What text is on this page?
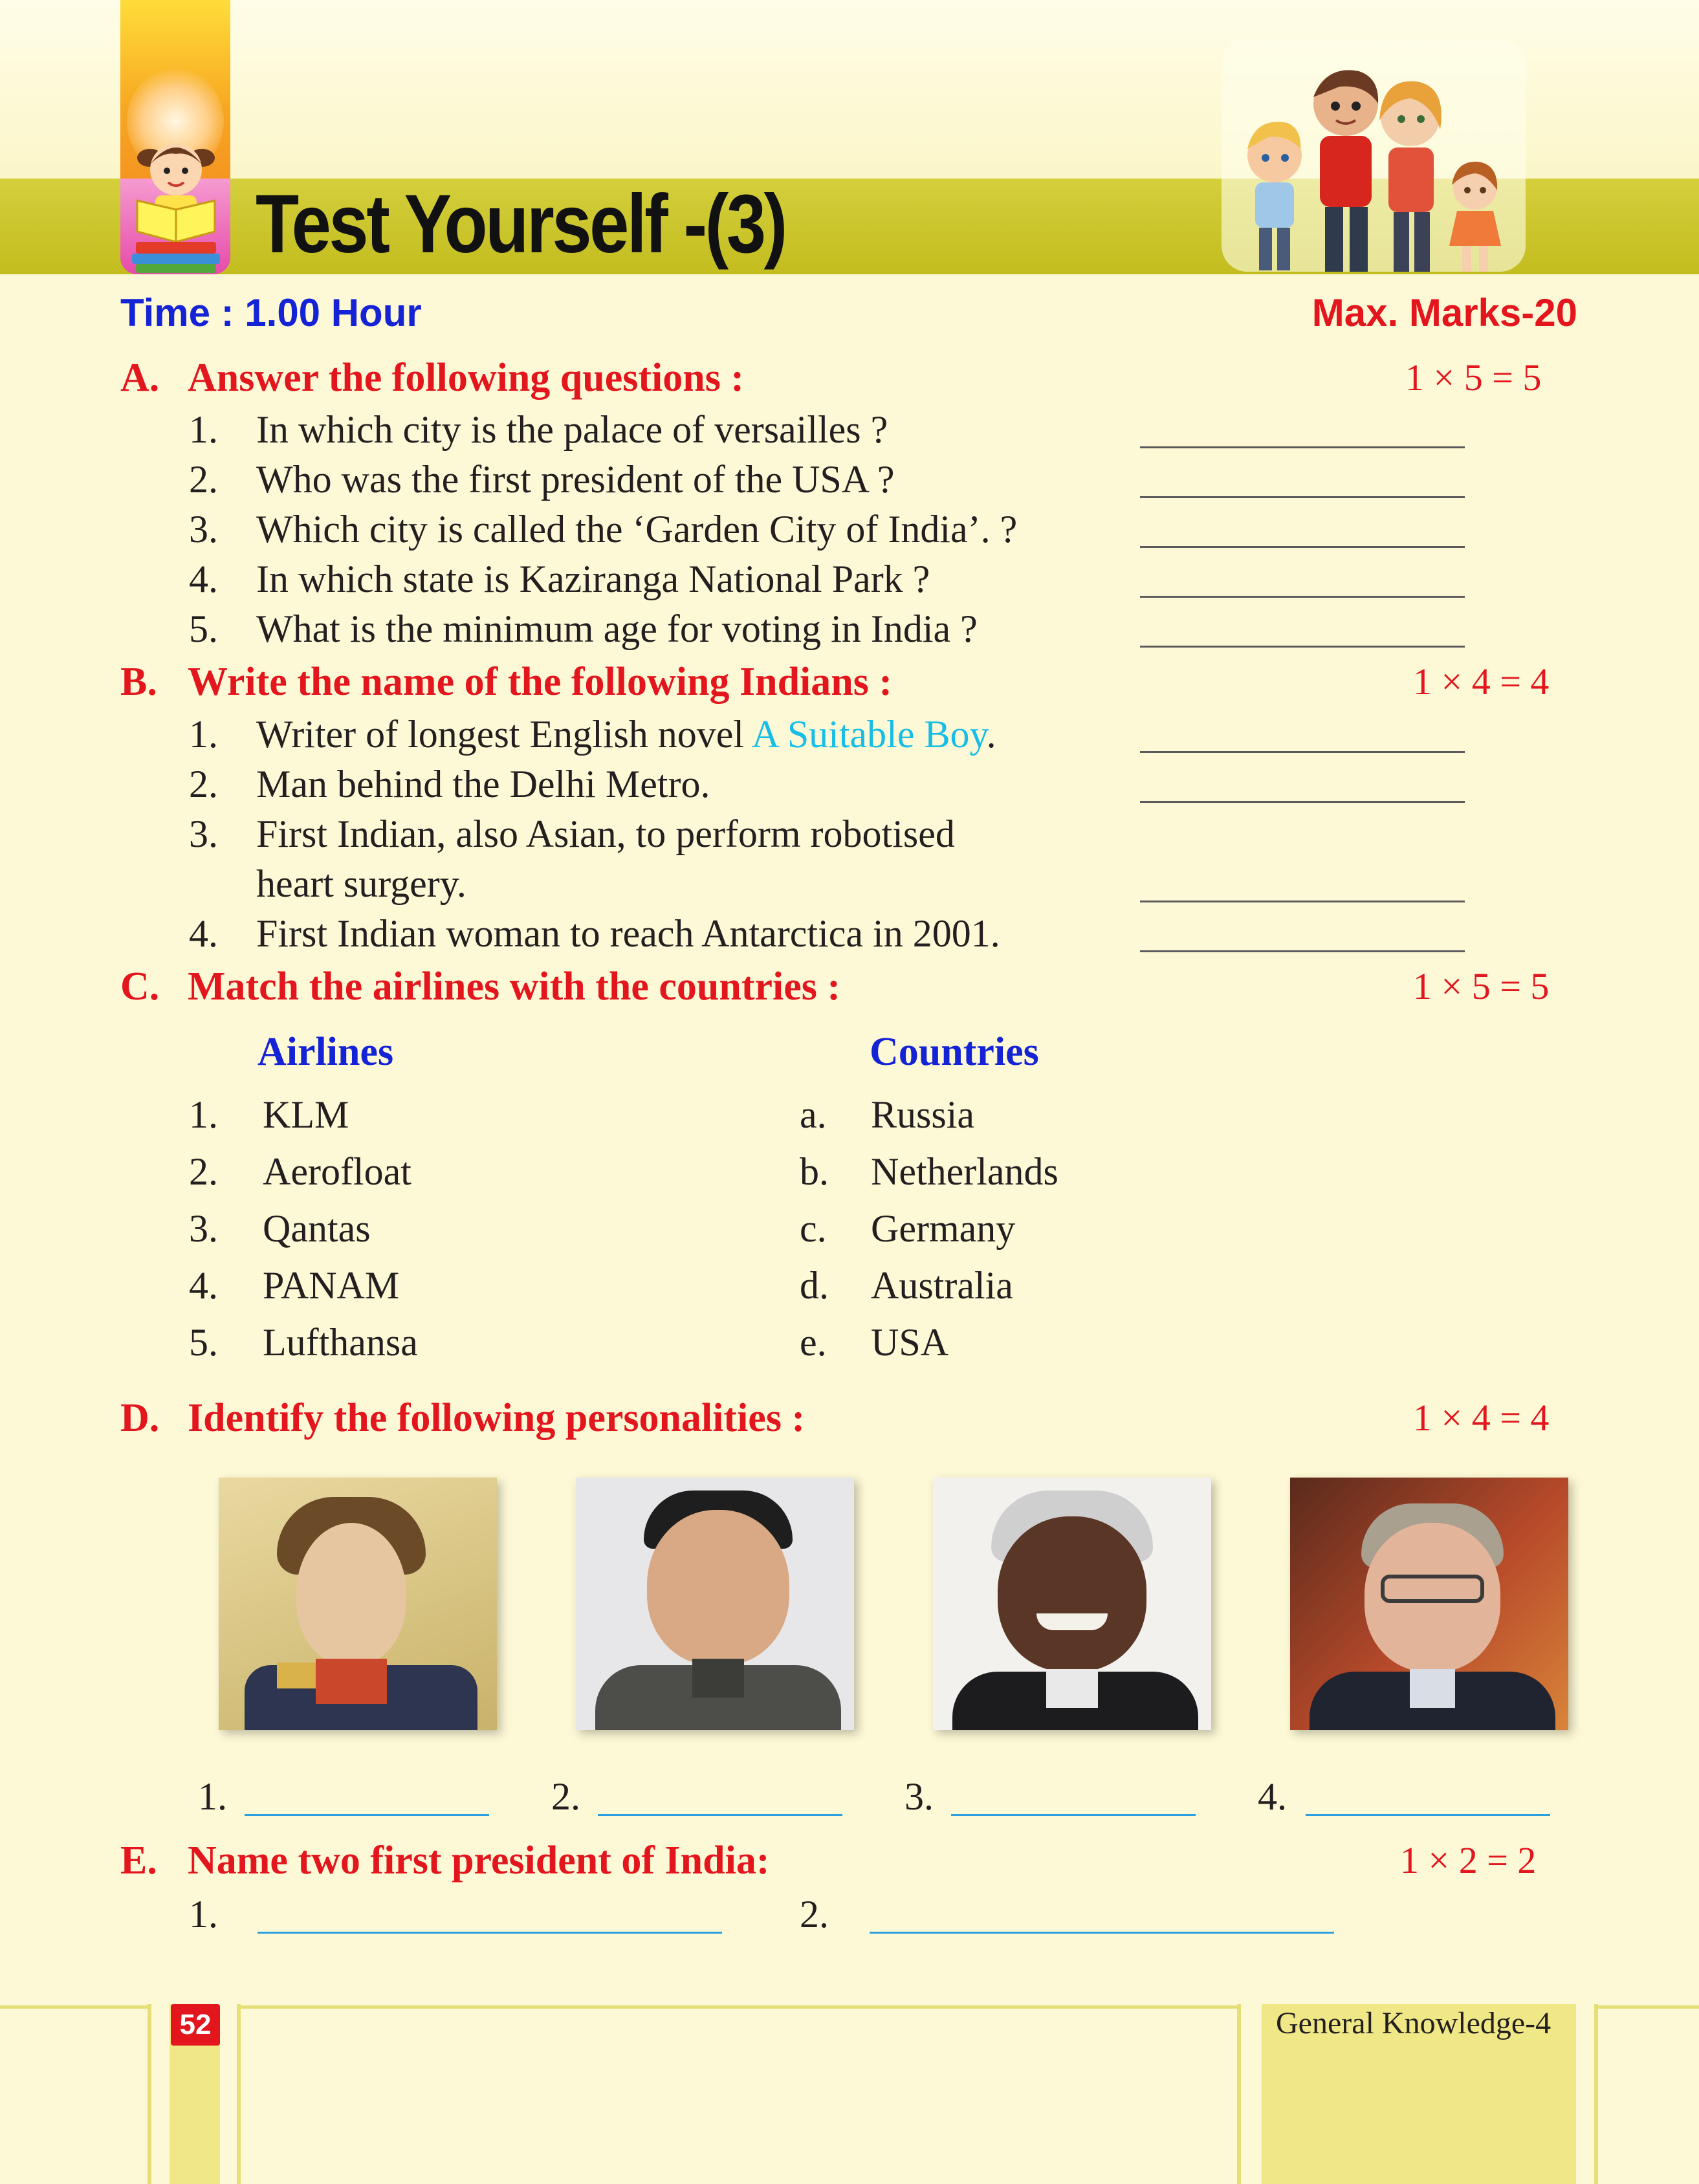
Test Yourself -(3)
Time : 1.00 Hour	Max. Marks-20
A. Answer the following questions :	1 × 5 = 5
1. In which city is the palace of versailles ?
2. Who was the first president of the USA ?
3. Which city is called the ‘Garden City of India’. ?
4. In which state is Kaziranga National Park ?
5. What is the minimum age for voting in India ?
B. Write the name of the following Indians :	1 × 4 = 4
1. Writer of longest English novel A Suitable Boy.
2. Man behind the Delhi Metro.
3. First Indian, also Asian, to perform robotised
heart surgery.
4. First Indian woman to reach Antarctica in 2001.
C. Match the airlines with the countries :	1 × 5 = 5
Airlines	Countries
1. KLM	a. Russia
2. Aerofloat	b. Netherlands
3. Qantas	c. Germany
4. PANAM	d. Australia
5. Lufthansa	e. USA
D. Identify the following personalities :	1 × 4 = 4
1.	2.	3.	4.
E. Name two first president of India:	1 × 2 = 2
1.	2.
52	General Knowledge-4
